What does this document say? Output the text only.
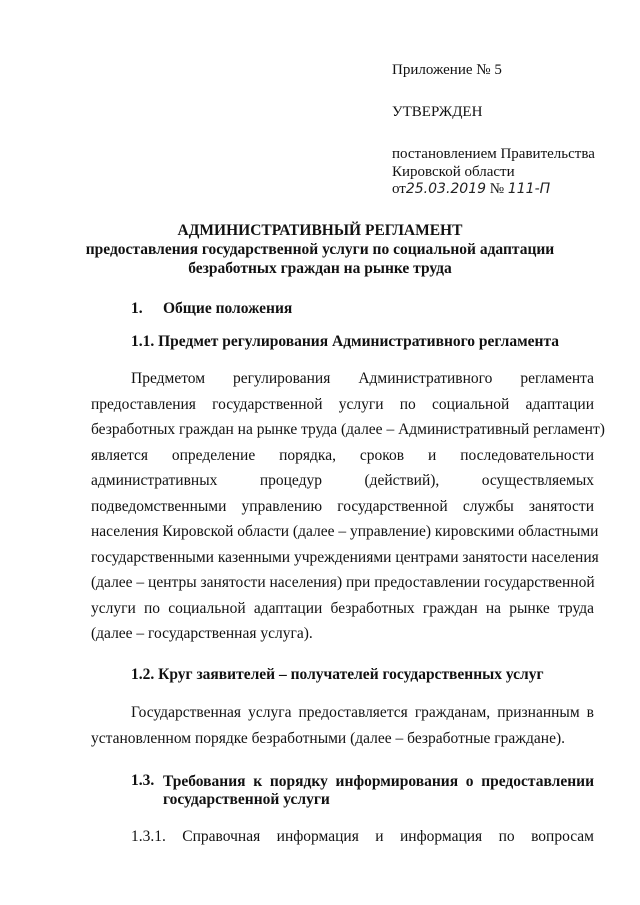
Приложение № 5
УТВЕРЖДЕН
постановлением Правительства
Кировской области
от25.03.2019 № 111-П
АДМИНИСТРАТИВНЫЙ РЕГЛАМЕНТ
предоставления государственной услуги по социальной адаптации
безработных граждан на рынке труда
1. Общие положения
1.1. Предмет регулирования Административного регламента
Предметом регулирования Административного регламента
предоставления государственной услуги по социальной адаптации
безработных граждан на рынке труда (далее – Административный регламент)
является определение порядка, сроков и последовательности
административных процедур (действий), осуществляемых
подведомственными управлению государственной службы занятости
населения Кировской области (далее – управление) кировскими областными
государственными казенными учреждениями центрами занятости населения
(далее – центры занятости населения) при предоставлении государственной
услуги по социальной адаптации безработных граждан на рынке труда
(далее – государственная услуга).
1.2. Круг заявителей – получателей государственных услуг
Государственная услуга предоставляется гражданам, признанным в
установленном порядке безработными (далее – безработные граждане).
1.3. Требования к порядку информирования о предоставлении
государственной услуги
1.3.1. Справочная информация и информация по вопросам
